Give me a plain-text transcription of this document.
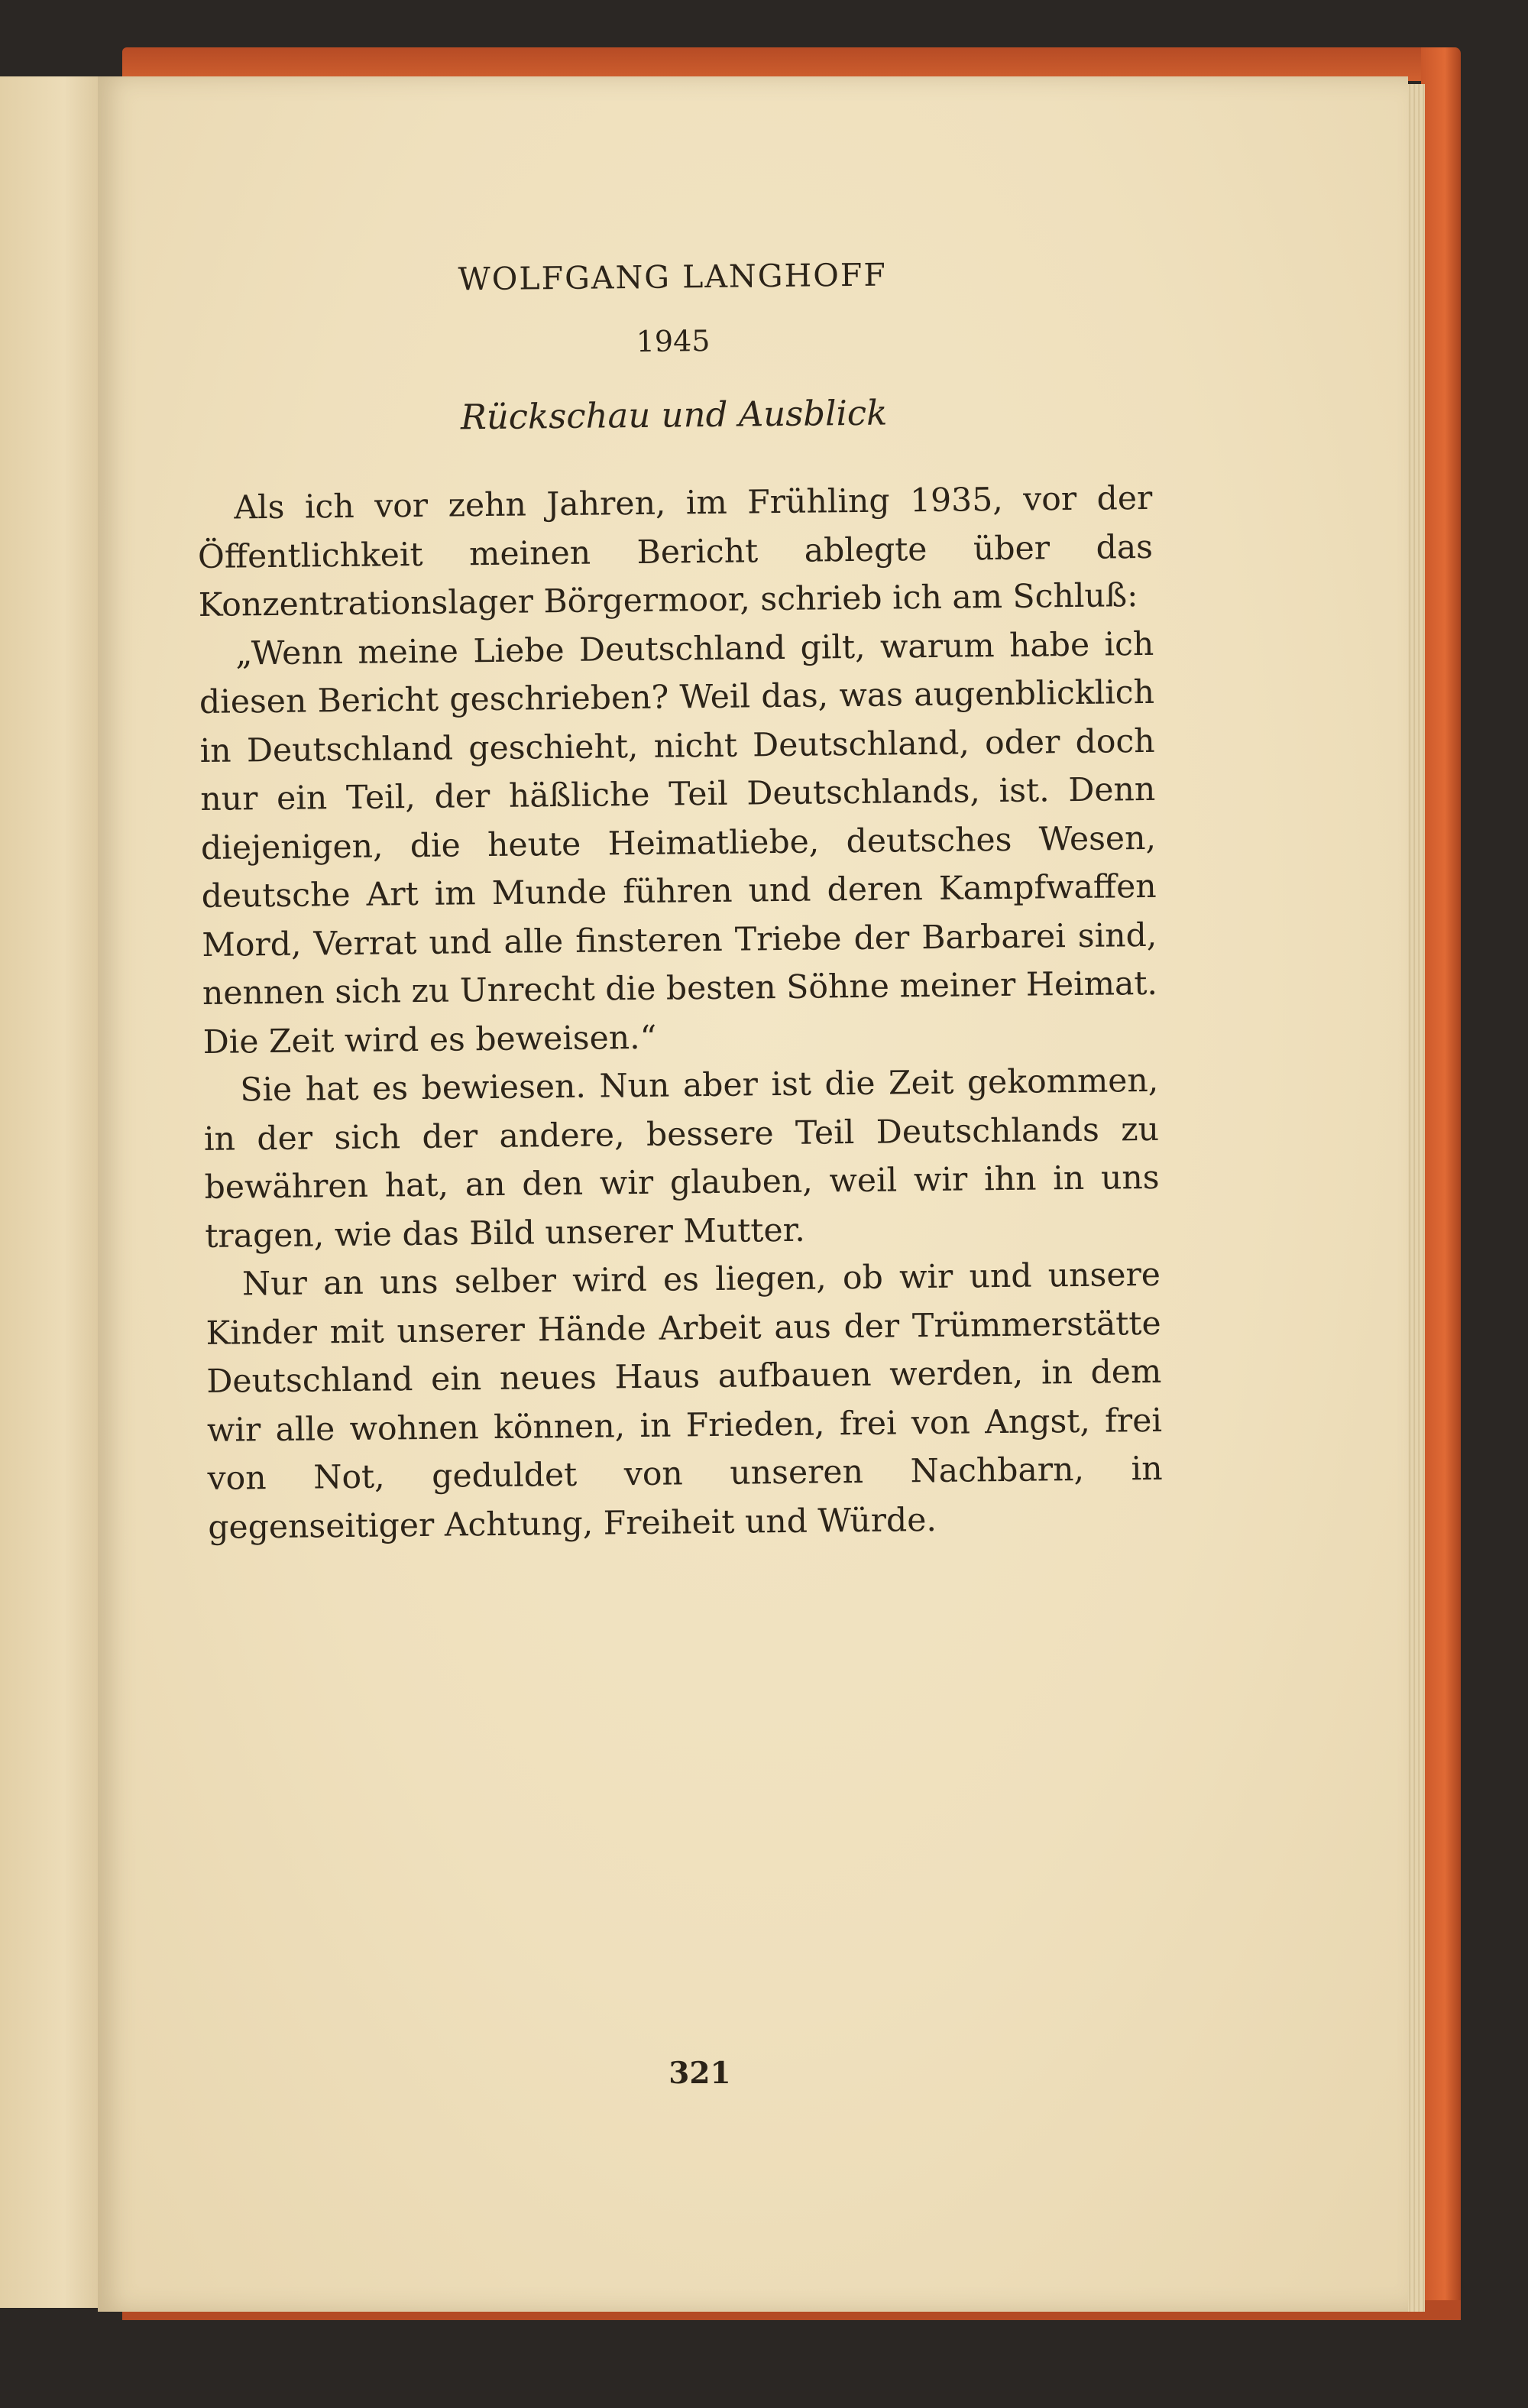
WOLFGANG LANGHOFF

1945

Rückschau und Ausblick

Als ich vor zehn Jahren, im Frühling 1935, vor der Öffentlichkeit meinen Bericht ablegte über das Konzentrationslager Börgermoor, schrieb ich am Schluß:

„Wenn meine Liebe Deutschland gilt, warum habe ich diesen Bericht geschrieben? Weil das, was augenblicklich in Deutschland geschieht, nicht Deutschland, oder doch nur ein Teil, der häßliche Teil Deutschlands, ist. Denn diejenigen, die heute Heimatliebe, deutsches Wesen, deutsche Art im Munde führen und deren Kampfwaffen Mord, Verrat und alle finsteren Triebe der Barbarei sind, nennen sich zu Unrecht die besten Söhne meiner Heimat. Die Zeit wird es beweisen.“

Sie hat es bewiesen. Nun aber ist die Zeit gekommen, in der sich der andere, bessere Teil Deutschlands zu bewähren hat, an den wir glauben, weil wir ihn in uns tragen, wie das Bild unserer Mutter.

Nur an uns selber wird es liegen, ob wir und unsere Kinder mit unserer Hände Arbeit aus der Trümmerstätte Deutschland ein neues Haus aufbauen werden, in dem wir alle wohnen können, in Frieden, frei von Angst, frei von Not, geduldet von unseren Nachbarn, in gegenseitiger Achtung, Freiheit und Würde.

321
